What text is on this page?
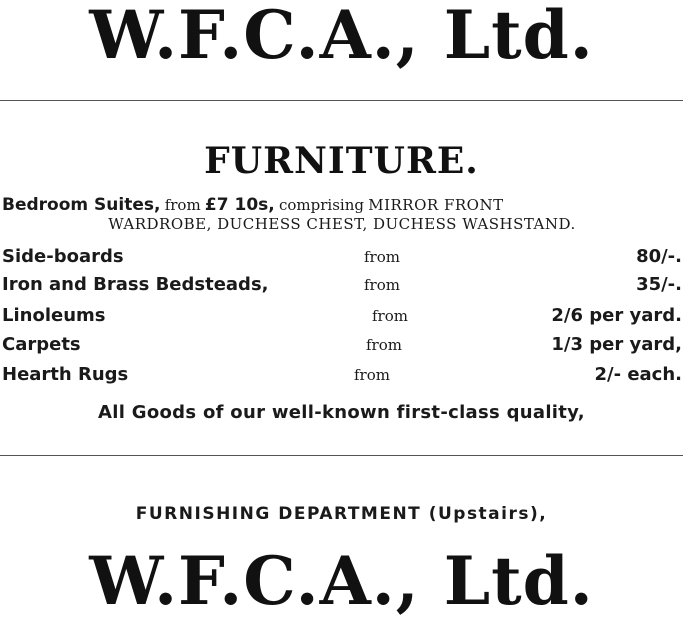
W.F.C.A., Ltd.
FURNITURE.
Bedroom Suites, from £7 10s, comprising MIRROR FRONT
WARDROBE, DUCHESS CHEST, DUCHESS WASHSTAND.
Side-boards	from	80/-.
Iron and Brass Bedsteads,	from	35/-.
Linoleums	from	2/6 per yard.
Carpets	from	1/3 per yard,
Hearth Rugs	from	2/- each.
All Goods of our well-known first-class quality,
FURNISHING DEPARTMENT (Upstairs),
W.F.C.A., Ltd.
